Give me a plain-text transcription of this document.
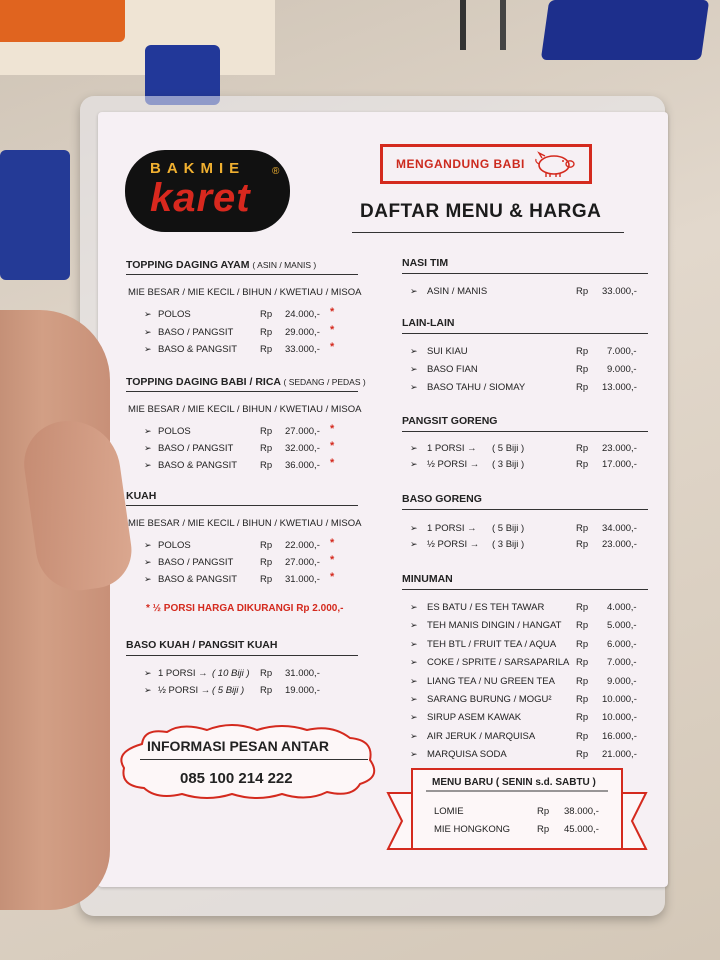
BAKMIE
karet
®
MENGANDUNG BABI
DAFTAR MENU & HARGA
TOPPING DAGING AYAM ( ASIN / MANIS )
MIE BESAR / MIE KECIL / BIHUN / KWETIAU / MISOA
➢ POLOS	Rp 24.000,- *
➢ BASO / PANGSIT	Rp 29.000,- *
➢ BASO & PANGSIT Rp 33.000,- *
TOPPING DAGING BABI / RICA ( SEDANG / PEDAS )
MIE BESAR / MIE KECIL / BIHUN / KWETIAU / MISOA
➢ POLOS	Rp 27.000,- *
➢ BASO / PANGSIT	Rp 32.000,- *
➢ BASO & PANGSIT Rp 36.000,- *
KUAH
MIE BESAR / MIE KECIL / BIHUN / KWETIAU / MISOA
➢ POLOS	Rp 22.000,- *
➢ BASO / PANGSIT	Rp 27.000,- *
➢ BASO & PANGSIT Rp 31.000,- *
* ½ PORSI HARGA DIKURANGI Rp 2.000,-
BASO KUAH / PANGSIT KUAH
➢ 1 PORSI → ( 10 Biji ) Rp 31.000,-
➢ ½ PORSI → ( 5 Biji ) Rp 19.000,-
INFORMASI PESAN ANTAR
085 100 214 222
NASI TIM
➢ ASIN / MANIS	Rp 33.000,-
LAIN-LAIN
➢ SUI KIAU	Rp 7.000,-
➢ BASO FIAN	Rp 9.000,-
➢ BASO TAHU / SIOMAY	Rp 13.000,-
PANGSIT GORENG
➢ 1 PORSI → ( 5 Biji )	Rp 23.000,-
➢ ½ PORSI → ( 3 Biji )	Rp 17.000,-
BASO GORENG
➢ 1 PORSI → ( 5 Biji )	Rp 34.000,-
➢ ½ PORSI → ( 3 Biji )	Rp 23.000,-
MINUMAN
➢ ES BATU / ES TEH TAWAR	Rp 4.000,-
➢ TEH MANIS DINGIN / HANGAT Rp 5.000,-
➢ TEH BTL / FRUIT TEA / AQUA Rp 6.000,-
➢ COKE / SPRITE / SARSAPARILA Rp 7.000,-
➢ LIANG TEA / NU GREEN TEA Rp 9.000,-
➢ SARANG BURUNG / MOGU²	Rp 10.000,-
➢ SIRUP ASEM KAWAK	Rp 10.000,-
➢ AIR JERUK / MARQUISA	Rp 16.000,-
➢ MARQUISA SODA	Rp 21.000,-
MENU BARU ( SENIN s.d. SABTU )
LOMIE	Rp 38.000,-
MIE HONGKONG	Rp 45.000,-
